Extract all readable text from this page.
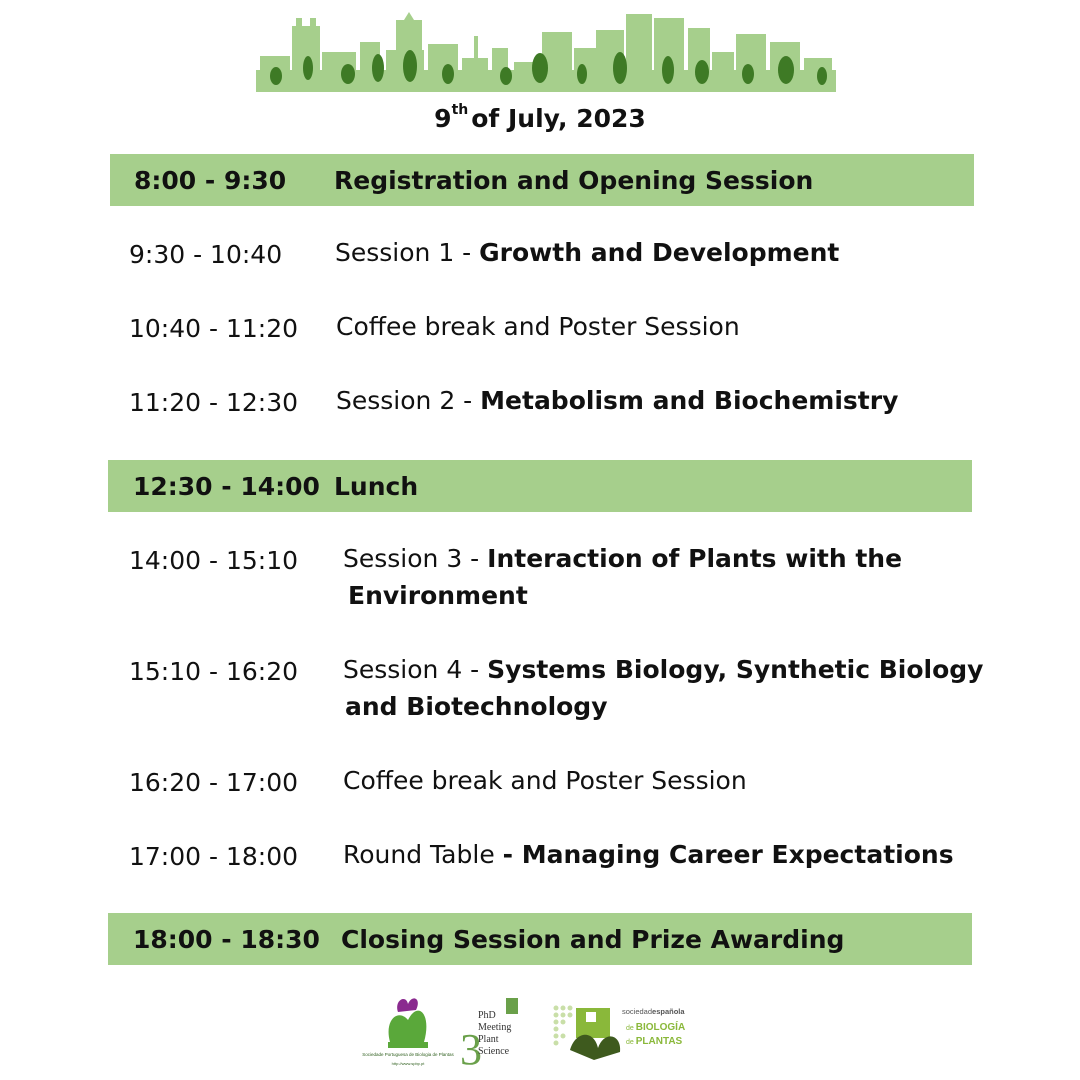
9th of July, 2023
8:00 - 9:30 Registration and Opening Session
9:30 - 10:40 Session 1 - Growth and Development
10:40 - 11:20 Coffee break and Poster Session
11:20 - 12:30 Session 2 - Metabolism and Biochemistry
12:30 - 14:00 Lunch
14:00 - 15:10 Session 3 - Interaction of Plants with the
Environment
15:10 - 16:20 Session 4 - Systems Biology, Synthetic Biology
and Biotechnology
16:20 - 17:00 Coffee break and Poster Session
17:00 - 18:00 Round Table - Managing Career Expectations
18:00 - 18:30 Closing Session and Prize Awarding
Sociedade Portuguesa de Biologia de Plantas
http://www.spbp.pt 3
PhD
Meeting
Plant
Science
sociedadespañola
de BIOLOGÍA
de PLANTAS
